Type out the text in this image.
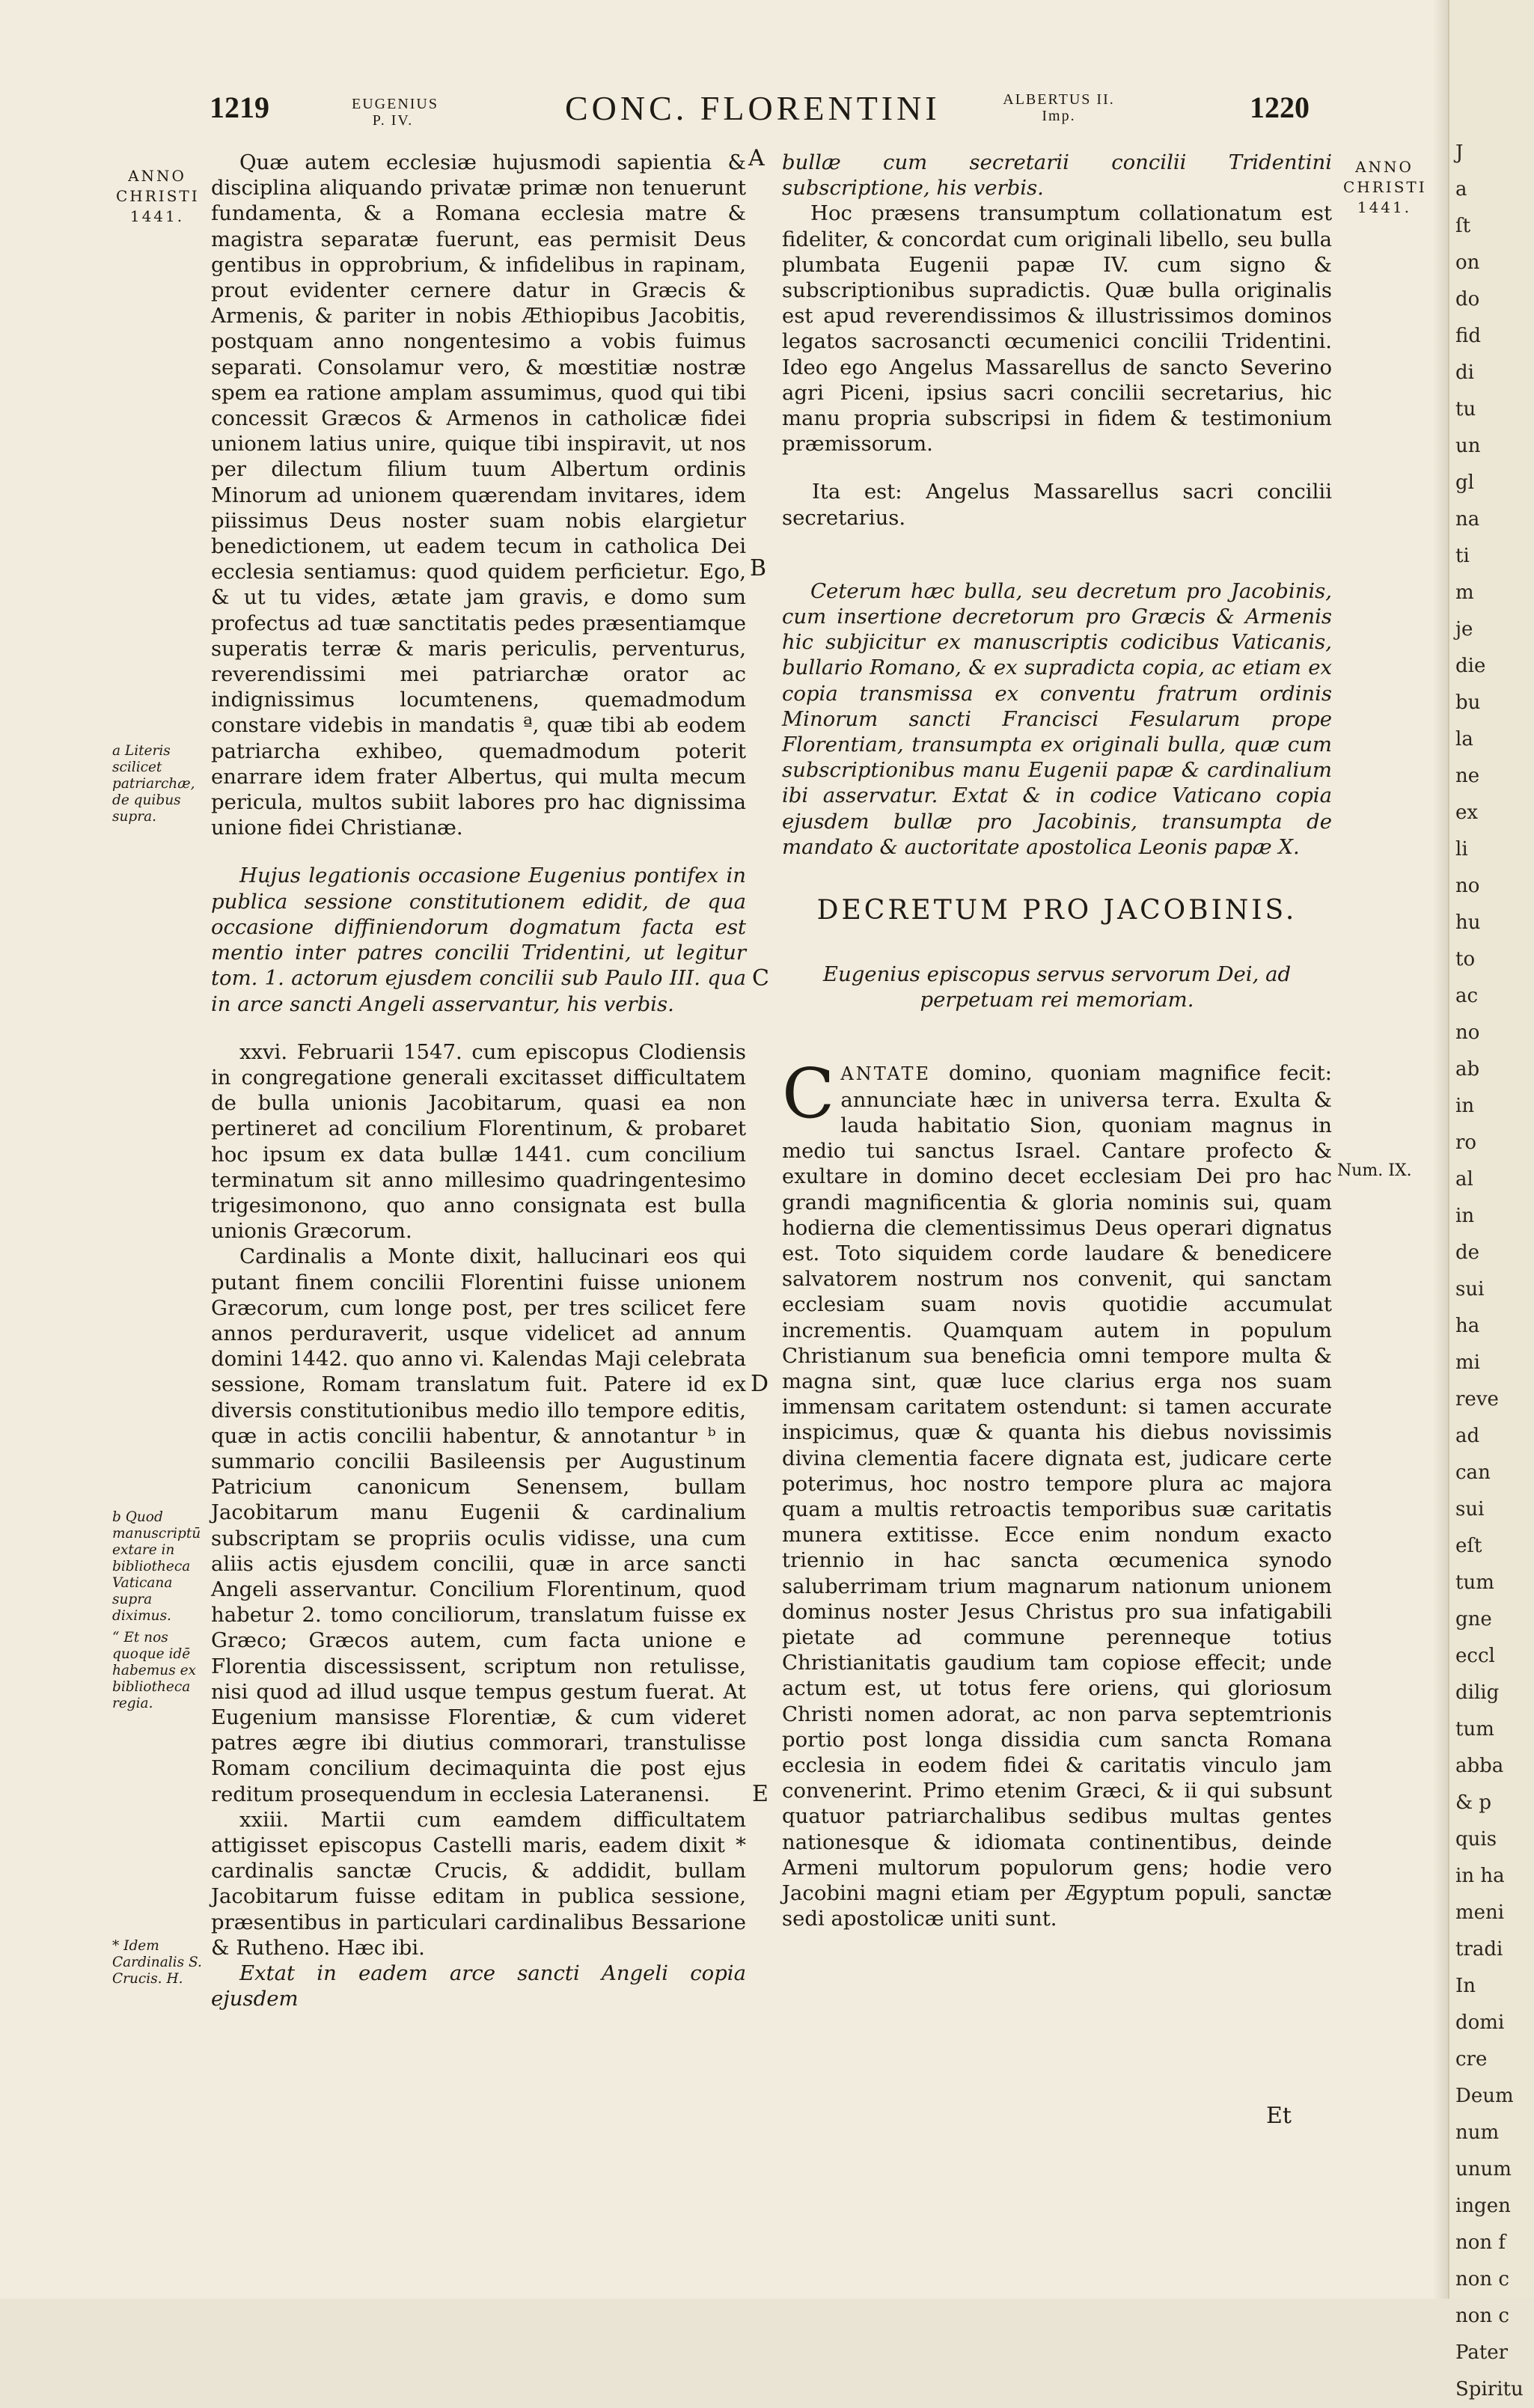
1219	EUGENIUS P. IV.	CONC. FLORENTINI	ALBERTUS II. Imp.	1220
ANNO
CHRISTI
1441.
ANNO
CHRISTI
1441.
a Literis scilicet patriarchæ, de quibus supra.
b Quod manuscriptū extare in bibliotheca Vaticana supra diximus.
“ Et nos quoque idē habemus ex bibliotheca regia.
* Idem Cardinalis S. Crucis. H.
Num. IX.
A
B
C
D
E

Quæ autem ecclesiæ hujusmodi sapientia & disciplina aliquando privatæ primæ non tenuerunt fundamenta, & a Romana ecclesia matre & magistra separatæ fuerunt, eas permisit Deus gentibus in opprobrium, & infidelibus in rapinam, prout evidenter cernere datur in Græcis & Armenis, & pariter in nobis Æthiopibus Jacobitis, postquam anno nongentesimo a vobis fuimus separati. Consolamur vero, & mœstitiæ nostræ spem ea ratione amplam assumimus, quod qui tibi concessit Græcos & Armenos in catholicæ fidei unionem latius unire, quique tibi inspiravit, ut nos per dilectum filium tuum Albertum ordinis Minorum ad unionem quærendam invitares, idem piissimus Deus noster suam nobis elargietur benedictionem, ut eadem tecum in catholica Dei ecclesia sentiamus: quod quidem perficietur. Ego, & ut tu vides, ætate jam gravis, e domo sum profectus ad tuæ sanctitatis pedes præsentiamque superatis terræ & maris periculis, perventurus, reverendissimi mei patriarchæ orator ac indignissimus locumtenens, quemadmodum constare videbis in mandatis ª, quæ tibi ab eodem patriarcha exhibeo, quemadmodum poterit enarrare idem frater Albertus, qui multa mecum pericula, multos subiit labores pro hac dignissima unione fidei Christianæ.

Hujus legationis occasione Eugenius pontifex in publica sessione constitutionem edidit, de qua occasione diffiniendorum dogmatum facta est mentio inter patres concilii Tridentini, ut legitur tom. 1. actorum ejusdem concilii sub Paulo III. qua in arce sancti Angeli asservantur, his verbis.

xxvi. Februarii 1547. cum episcopus Clodiensis in congregatione generali excitasset difficultatem de bulla unionis Jacobitarum, quasi ea non pertineret ad concilium Florentinum, & probaret hoc ipsum ex data bullæ 1441. cum concilium terminatum sit anno millesimo quadringentesimo trigesimonono, quo anno consignata est bulla unionis Græcorum.

Cardinalis a Monte dixit, hallucinari eos qui putant finem concilii Florentini fuisse unionem Græcorum, cum longe post, per tres scilicet fere annos perduraverit, usque videlicet ad annum domini 1442. quo anno vi. Kalendas Maji celebrata sessione, Romam translatum fuit. Patere id ex diversis constitutionibus medio illo tempore editis, quæ in actis concilii habentur, & annotantur ᵇ in summario concilii Basileensis per Augustinum Patricium canonicum Senensem, bullam Jacobitarum manu Eugenii & cardinalium subscriptam se propriis oculis vidisse, una cum aliis actis ejusdem concilii, quæ in arce sancti Angeli asservantur. Concilium Florentinum, quod habetur 2. tomo conciliorum, translatum fuisse ex Græco; Græcos autem, cum facta unione e Florentia discessissent, scriptum non retulisse, nisi quod ad illud usque tempus gestum fuerat. At Eugenium mansisse Florentiæ, & cum videret patres ægre ibi diutius commorari, transtulisse Romam concilium decimaquinta die post ejus reditum prosequendum in ecclesia Lateranensi.

xxiii. Martii cum eamdem difficultatem attigisset episcopus Castelli maris, eadem dixit * cardinalis sanctæ Crucis, & addidit, bullam Jacobitarum fuisse editam in publica sessione, præsentibus in particulari cardinalibus Bessarione & Rutheno. Hæc ibi.

Extat in eadem arce sancti Angeli copia ejusdem

bullæ cum secretarii concilii Tridentini subscriptione, his verbis.

Hoc præsens transumptum collationatum est fideliter, & concordat cum originali libello, seu bulla plumbata Eugenii papæ IV. cum signo & subscriptionibus supradictis. Quæ bulla originalis est apud reverendissimos & illustrissimos dominos legatos sacrosancti œcumenici concilii Tridentini. Ideo ego Angelus Massarellus de sancto Severino agri Piceni, ipsius sacri concilii secretarius, hic manu propria subscripsi in fidem & testimonium præmissorum.

Ita est: Angelus Massarellus sacri concilii secretarius.

Ceterum hæc bulla, seu decretum pro Jacobinis, cum insertione decretorum pro Græcis & Armenis hic subjicitur ex manuscriptis codicibus Vaticanis, bullario Romano, & ex supradicta copia, ac etiam ex copia transmissa ex conventu fratrum ordinis Minorum sancti Francisci Fesularum prope Florentiam, transumpta ex originali bulla, quæ cum subscriptionibus manu Eugenii papæ & cardinalium ibi asservatur. Extat & in codice Vaticano copia ejusdem bullæ pro Jacobinis, transumpta de mandato & auctoritate apostolica Leonis papæ X.

DECRETUM PRO JACOBINIS.

Eugenius episcopus servus servorum Dei, ad perpetuam rei memoriam.

CANTATE domino, quoniam magnifice fecit: annunciate hæc in universa terra. Exulta & lauda habitatio Sion, quoniam magnus in medio tui sanctus Israel. Cantare profecto & exultare in domino decet ecclesiam Dei pro hac grandi magnificentia & gloria nominis sui, quam hodierna die clementissimus Deus operari dignatus est. Toto siquidem corde laudare & benedicere salvatorem nostrum nos convenit, qui sanctam ecclesiam suam novis quotidie accumulat incrementis. Quamquam autem in populum Christianum sua beneficia omni tempore multa & magna sint, quæ luce clarius erga nos suam immensam caritatem ostendunt: si tamen accurate inspicimus, quæ & quanta his diebus novissimis divina clementia facere dignata est, judicare certe poterimus, hoc nostro tempore plura ac majora quam a multis retroactis temporibus suæ caritatis munera extitisse. Ecce enim nondum exacto triennio in hac sancta œcumenica synodo saluberrimam trium magnarum nationum unionem dominus noster Jesus Christus pro sua infatigabili pietate ad commune perenneque totius Christianitatis gaudium tam copiose effecit; unde actum est, ut totus fere oriens, qui gloriosum Christi nomen adorat, ac non parva septemtrionis portio post longa dissidia cum sancta Romana ecclesia in eodem fidei & caritatis vinculo jam convenerint. Primo etenim Græci, & ii qui subsunt quatuor patriarchalibus sedibus multas gentes nationesque & idiomata continentibus, deinde Armeni multorum populorum gens; hodie vero Jacobini magni etiam per Ægyptum populi, sanctæ sedi apostolicæ uniti sunt.

Et
J
a
ſt
on
do
fid
di
tu
un
gl
na
ti
m
je
die
bu
la
ne
ex
li
no
hu
to
ac
no
ab
in
ro
al
in
de
sui
ha
mi
reve
ad
can
sui
eſt
tum
gne
eccl
dilig
tum
abba
& p
quis
in ha
meni
tradi
In
domi
cre
Deum
num
unum
ingen
non f
non c
non c
Pater
Spiritu
